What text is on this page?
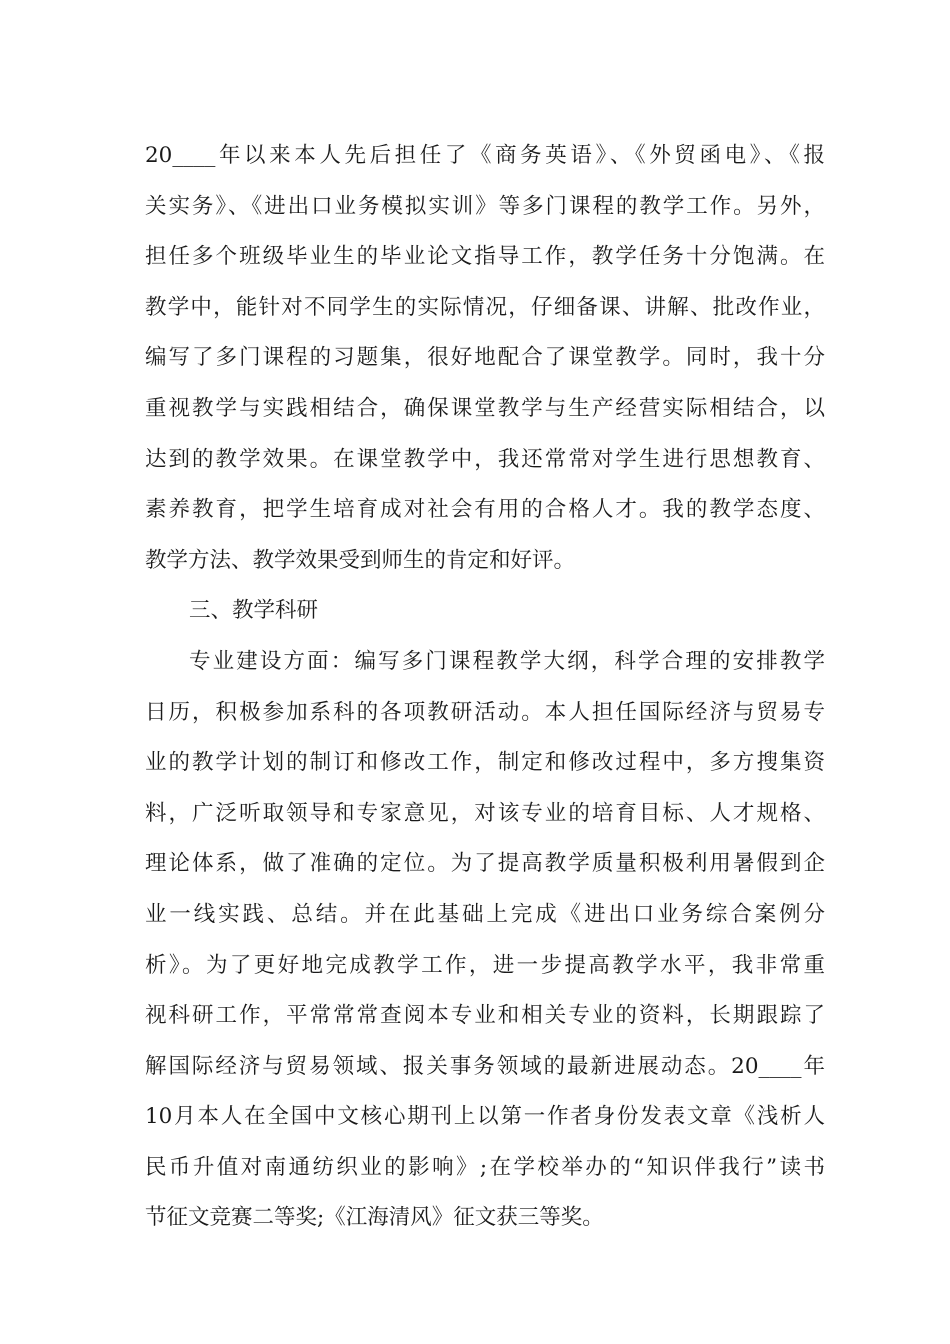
20____年以来本人先后担任了《商务英语》、《外贸函电》、《报
关实务》、《进出口业务模拟实训》等多门课程的教学工作。另外，
担任多个班级毕业生的毕业论文指导工作，教学任务十分饱满。在
教学中，能针对不同学生的实际情况，仔细备课、讲解、批改作业，
编写了多门课程的习题集，很好地配合了课堂教学。同时，我十分
重视教学与实践相结合，确保课堂教学与生产经营实际相结合，以
达到的教学效果。在课堂教学中，我还常常对学生进行思想教育、
素养教育，把学生培育成对社会有用的合格人才。我的教学态度、
教学方法、教学效果受到师生的肯定和好评。
三、教学科研
专业建设方面：编写多门课程教学大纲，科学合理的安排教学
日历，积极参加系科的各项教研活动。本人担任国际经济与贸易专
业的教学计划的制订和修改工作，制定和修改过程中，多方搜集资
料，广泛听取领导和专家意见，对该专业的培育目标、人才规格、
理论体系，做了准确的定位。为了提高教学质量积极利用暑假到企
业一线实践、总结。并在此基础上完成《进出口业务综合案例分
析》。为了更好地完成教学工作，进一步提高教学水平，我非常重
视科研工作，平常常常查阅本专业和相关专业的资料，长期跟踪了
解国际经济与贸易领域、报关事务领域的最新进展动态。20____年
10月本人在全国中文核心期刊上以第一作者身份发表文章《浅析人
民币升值对南通纺织业的影响》;在学校举办的“知识伴我行”读书
节征文竞赛二等奖;《江海清风》征文获三等奖。
